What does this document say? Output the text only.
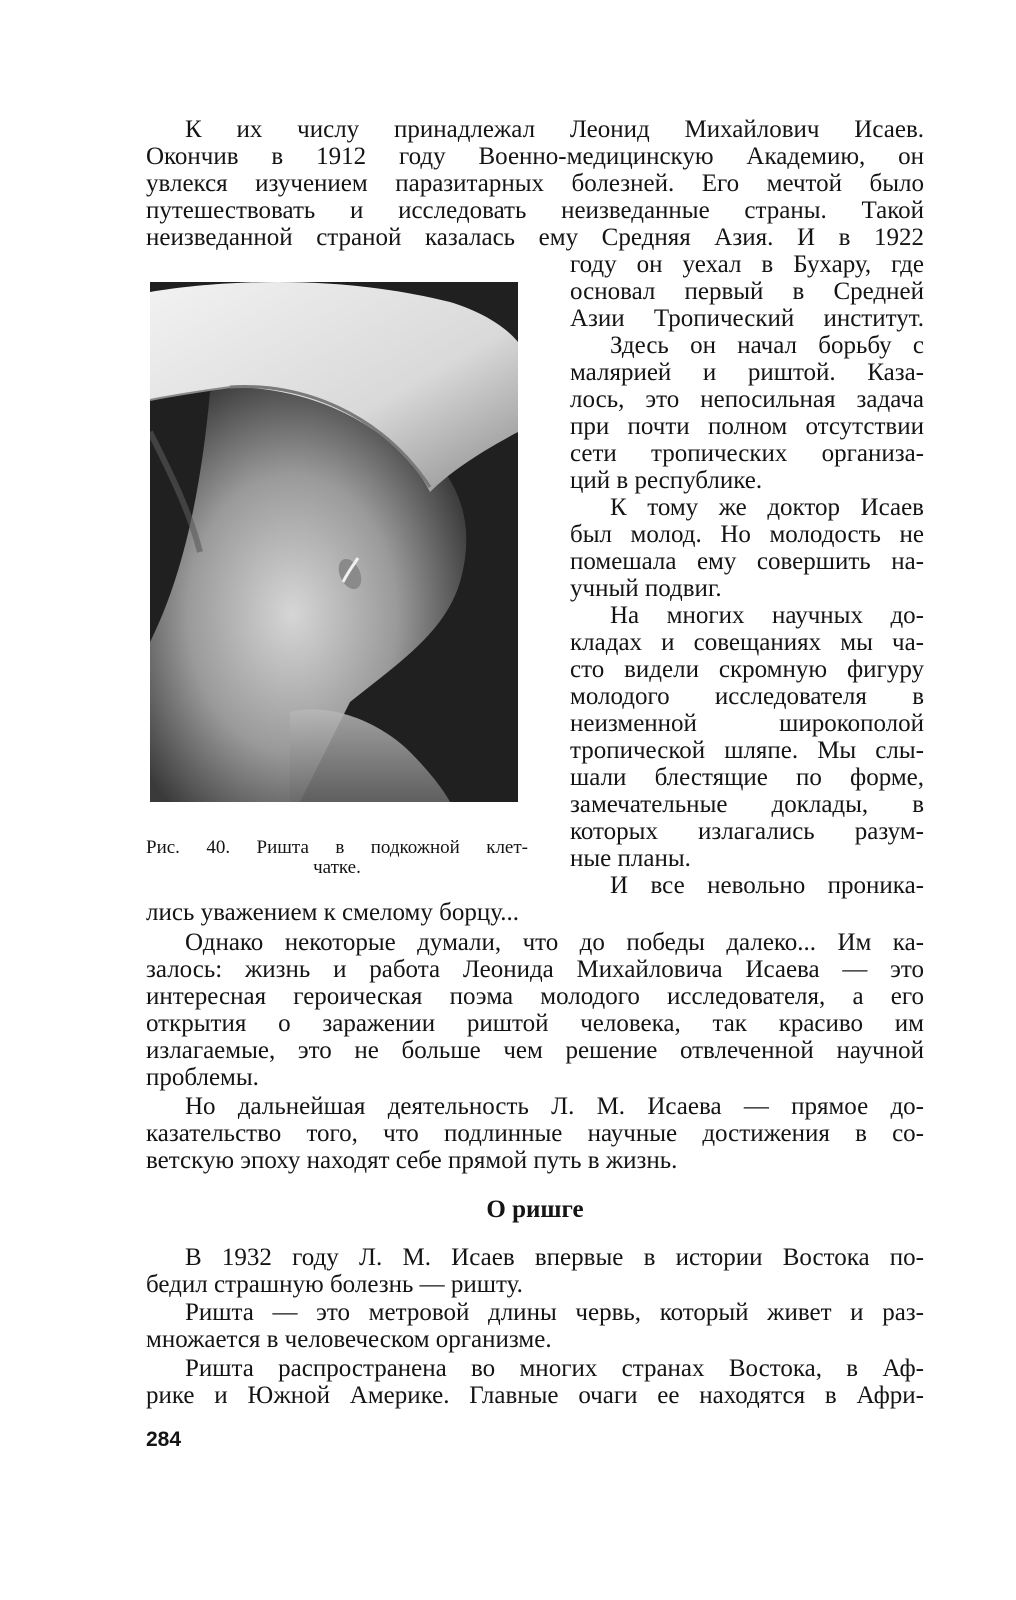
К их числу принадлежал Леонид Михайлович Исаев.
Окончив в 1912 году Военно-медицинскую Академию, он
увлекся изучением паразитарных болезней. Его мечтой было
путешествовать и исследовать неизведанные страны. Такой
неизведанной страной казалась ему Средняя Азия. И в 1922
году он уехал в Бухару, где
основал первый в Средней
Азии Тропический институт.
Здесь он начал борьбу с
малярией и риштой. Каза-
лось, это непосильная задача
при почти полном отсутствии
сети тропических организа-
ций в республике.
К тому же доктор Исаев
был молод. Но молодость не
помешала ему совершить на-
учный подвиг.
На многих научных до-
кладах и совещаниях мы ча-
сто видели скромную фигуру
молодого исследователя в
неизменной широкополой
тропической шляпе. Мы слы-
шали блестящие по форме,
замечательные доклады, в
которых излагались разум-
ные планы.
И все невольно проника-
лись уважением к смелому борцу...
Рис. 40. Ришта в подкожной клет-
чатке.
Однако некоторые думали, что до победы далеко... Им ка-
залось: жизнь и работа Леонида Михайловича Исаева — это
интересная героическая поэма молодого исследователя, а его
открытия о заражении риштой человека, так красиво им
излагаемые, это не больше чем решение отвлеченной научной
проблемы.
Но дальнейшая деятельность Л. М. Исаева — прямое до-
казательство того, что подлинные научные достижения в со-
ветскую эпоху находят себе прямой путь в жизнь.
О ришге
В 1932 году Л. М. Исаев впервые в истории Востока по-
бедил страшную болезнь — ришту.
Ришта — это метровой длины червь, который живет и раз-
множается в человеческом организме.
Ришта распространена во многих странах Востока, в Аф-
рике и Южной Америке. Главные очаги ее находятся в Афри-
284
